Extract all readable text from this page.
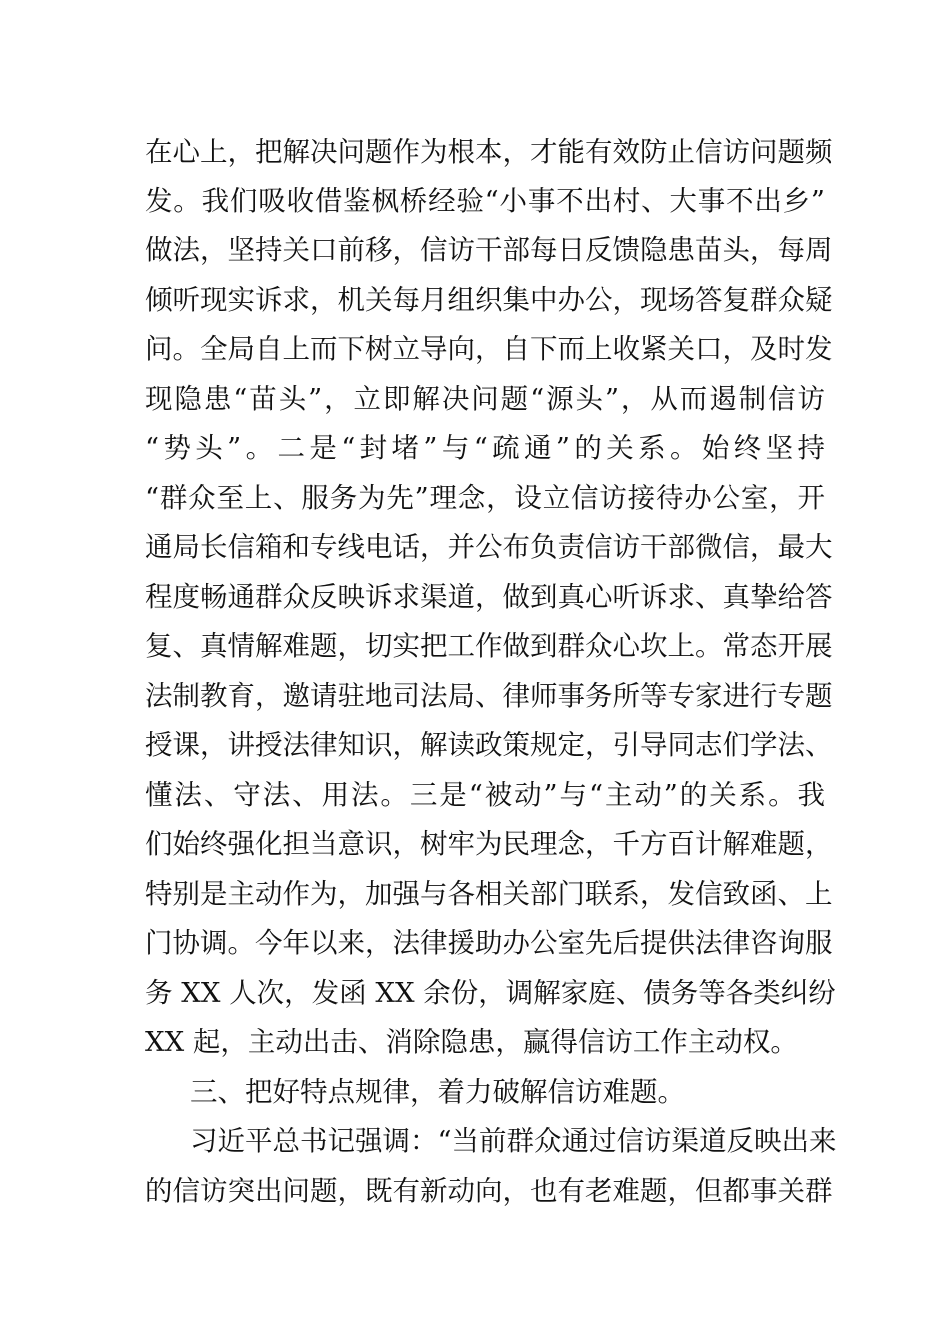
在心上，把解决问题作为根本，才能有效防止信访问题频
发。我们吸收借鉴枫桥经验“小事不出村、大事不出乡”
做法，坚持关口前移，信访干部每日反馈隐患苗头，每周
倾听现实诉求，机关每月组织集中办公，现场答复群众疑
问。全局自上而下树立导向，自下而上收紧关口，及时发
现隐患“苗头”，立即解决问题“源头”，从而遏制信访
“势头”。二是“封堵”与“疏通”的关系。始终坚持
“群众至上、服务为先”理念，设立信访接待办公室，开
通局长信箱和专线电话，并公布负责信访干部微信，最大
程度畅通群众反映诉求渠道，做到真心听诉求、真挚给答
复、真情解难题，切实把工作做到群众心坎上。常态开展
法制教育，邀请驻地司法局、律师事务所等专家进行专题
授课，讲授法律知识，解读政策规定，引导同志们学法、
懂法、守法、用法。三是“被动”与“主动”的关系。我
们始终强化担当意识，树牢为民理念，千方百计解难题，
特别是主动作为，加强与各相关部门联系，发信致函、上
门协调。今年以来，法律援助办公室先后提供法律咨询服
务 XX 人次，发函 XX 余份，调解家庭、债务等各类纠纷
XX 起，主动出击、消除隐患，赢得信访工作主动权。
三、把好特点规律，着力破解信访难题。
习近平总书记强调：“当前群众通过信访渠道反映出来
的信访突出问题，既有新动向，也有老难题，但都事关群
